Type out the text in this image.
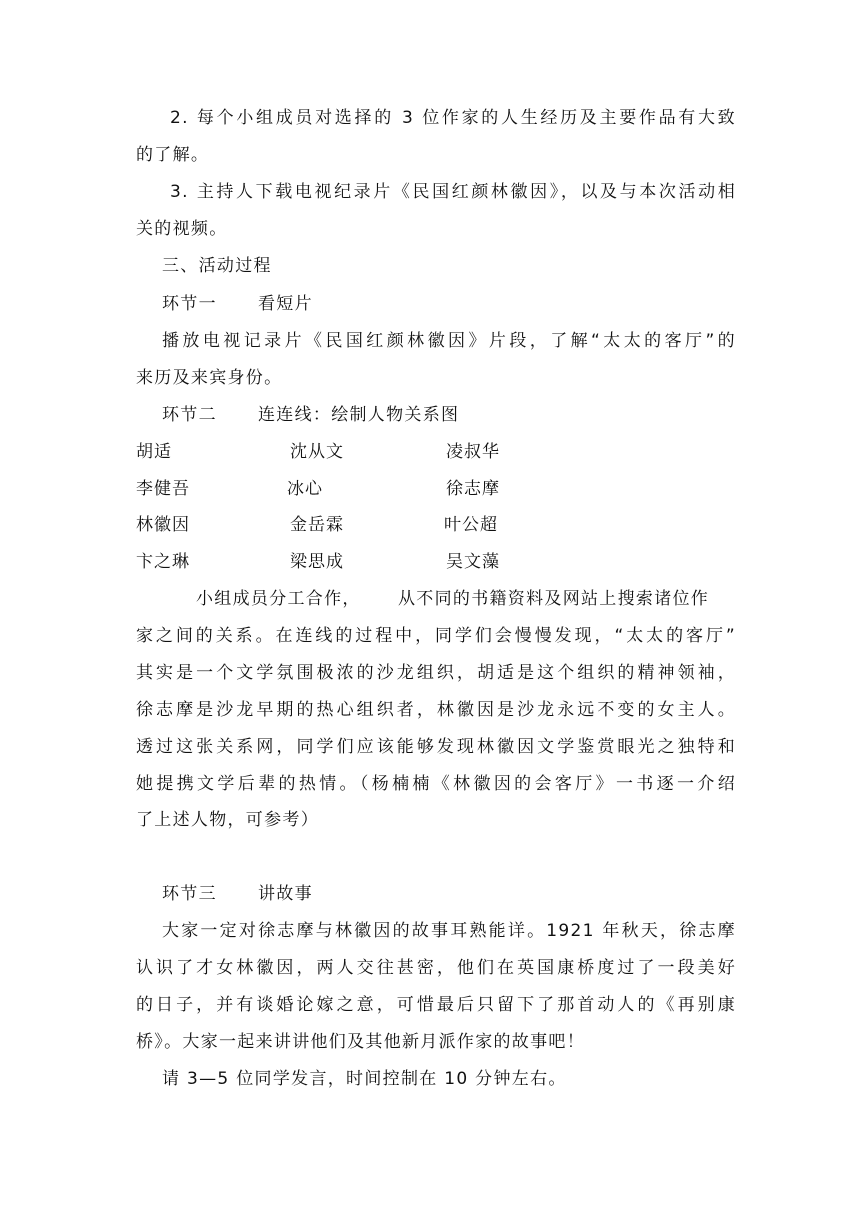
2. 每个小组成员对选择的 3 位作家的人生经历及主要作品有大致
的了解。
3. 主持人下载电视纪录片《民国红颜林徽因》，以及与本次活动相
关的视频。
三、活动过程
环节一 看短片
播放电视记录片《民国红颜林徽因》片段，了解“太太的客厅”的
来历及来宾身份。
环节二 连连线：绘制人物关系图
胡适	沈从文	凌叔华
李健吾	冰心	徐志摩
林徽因	金岳霖	叶公超
卞之琳	梁思成	吴文藻
小组成员分工合作， 从不同的书籍资料及网站上搜索诸位作
家之间的关系。在连线的过程中，同学们会慢慢发现，“太太的客厅”
其实是一个文学氛围极浓的沙龙组织，胡适是这个组织的精神领袖，
徐志摩是沙龙早期的热心组织者，林徽因是沙龙永远不变的女主人。
透过这张关系网，同学们应该能够发现林徽因文学鉴赏眼光之独特和
她提携文学后辈的热情。（杨楠楠《林徽因的会客厅》一书逐一介绍
了上述人物，可参考）
环节三 讲故事
大家一定对徐志摩与林徽因的故事耳熟能详。1921 年秋天，徐志摩
认识了才女林徽因，两人交往甚密，他们在英国康桥度过了一段美好
的日子，并有谈婚论嫁之意，可惜最后只留下了那首动人的《再别康
桥》。大家一起来讲讲他们及其他新月派作家的故事吧！
请 3—5 位同学发言，时间控制在 10 分钟左右。
